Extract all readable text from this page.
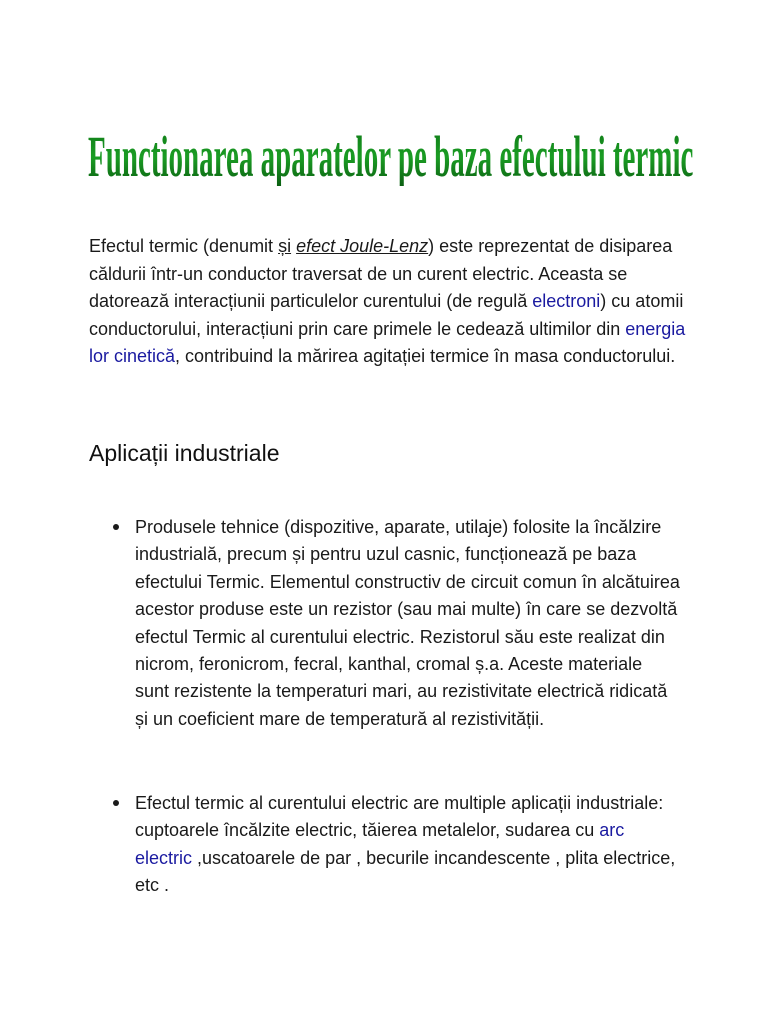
Functionarea aparatelor pe baza efectului termic

Efectul termic (denumit și efect Joule-Lenz) este reprezentat de disiparea căldurii într-un conductor traversat de un curent electric. Aceasta se datorează interacțiunii particulelor curentului (de regulă electroni) cu atomii conductorului, interacțiuni prin care primele le cedează ultimilor din energia lor cinetică, contribuind la mărirea agitației termice în masa conductorului.

Aplicații industriale

Produsele tehnice (dispozitive, aparate, utilaje) folosite la încălzire industrială, precum și pentru uzul casnic, funcționează pe baza efectului Termic. Elementul constructiv de circuit comun în alcătuirea acestor produse este un rezistor (sau mai multe) în care se dezvoltă efectul Termic al curentului electric. Rezistorul său este realizat din nicrom, feronicrom, fecral, kanthal, cromal ș.a. Aceste materiale sunt rezistente la temperaturi mari, au rezistivitate electrică ridicată și un coeficient mare de temperatură al rezistivității.

Efectul termic al curentului electric are multiple aplicații industriale: cuptoarele încălzite electric, tăierea metalelor, sudarea cu arc electric ,uscatoarele de par , becurile incandescente , plita electrice, etc .
